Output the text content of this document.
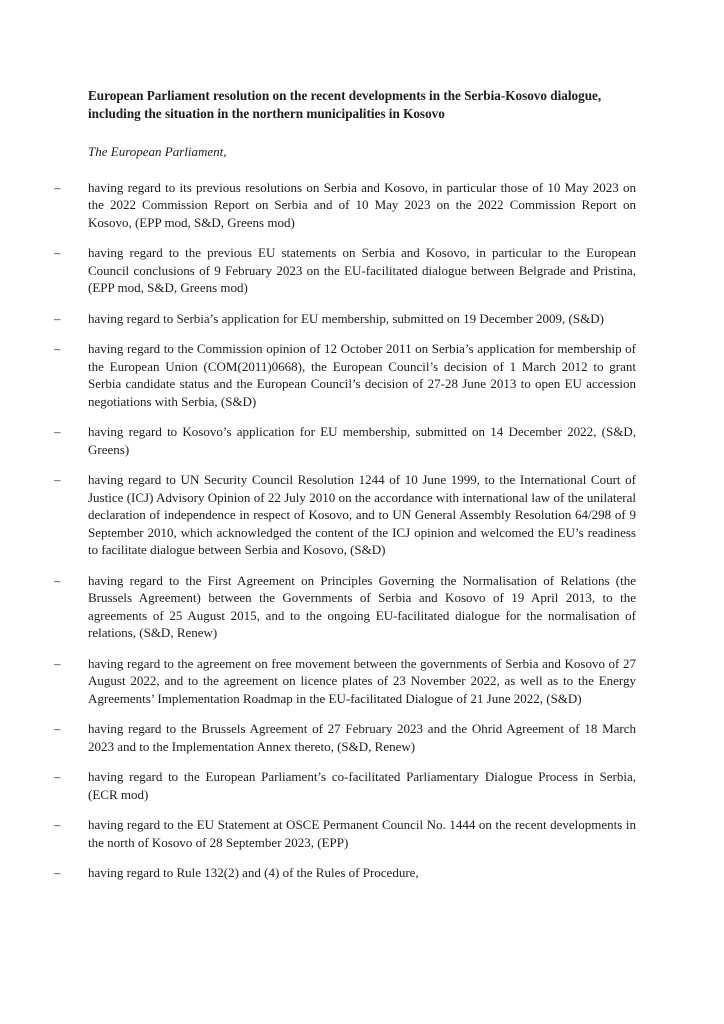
European Parliament resolution on the recent developments in the Serbia-Kosovo dialogue, including the situation in the northern municipalities in Kosovo
The European Parliament,
– having regard to its previous resolutions on Serbia and Kosovo, in particular those of 10 May 2023 on the 2022 Commission Report on Serbia and of 10 May 2023 on the 2022 Commission Report on Kosovo, (EPP mod, S&D, Greens mod)
– having regard to the previous EU statements on Serbia and Kosovo, in particular to the European Council conclusions of 9 February 2023 on the EU-facilitated dialogue between Belgrade and Pristina, (EPP mod, S&D, Greens mod)
– having regard to Serbia’s application for EU membership, submitted on 19 December 2009, (S&D)
– having regard to the Commission opinion of 12 October 2011 on Serbia’s application for membership of the European Union (COM(2011)0668), the European Council’s decision of 1 March 2012 to grant Serbia candidate status and the European Council’s decision of 27-28 June 2013 to open EU accession negotiations with Serbia, (S&D)
– having regard to Kosovo’s application for EU membership, submitted on 14 December 2022, (S&D, Greens)
– having regard to UN Security Council Resolution 1244 of 10 June 1999, to the International Court of Justice (ICJ) Advisory Opinion of 22 July 2010 on the accordance with international law of the unilateral declaration of independence in respect of Kosovo, and to UN General Assembly Resolution 64/298 of 9 September 2010, which acknowledged the content of the ICJ opinion and welcomed the EU’s readiness to facilitate dialogue between Serbia and Kosovo, (S&D)
– having regard to the First Agreement on Principles Governing the Normalisation of Relations (the Brussels Agreement) between the Governments of Serbia and Kosovo of 19 April 2013, to the agreements of 25 August 2015, and to the ongoing EU-facilitated dialogue for the normalisation of relations, (S&D, Renew)
– having regard to the agreement on free movement between the governments of Serbia and Kosovo of 27 August 2022, and to the agreement on licence plates of 23 November 2022, as well as to the Energy Agreements’ Implementation Roadmap in the EU-facilitated Dialogue of 21 June 2022, (S&D)
– having regard to the Brussels Agreement of 27 February 2023 and the Ohrid Agreement of 18 March 2023 and to the Implementation Annex thereto, (S&D, Renew)
– having regard to the European Parliament’s co-facilitated Parliamentary Dialogue Process in Serbia, (ECR mod)
– having regard to the EU Statement at OSCE Permanent Council No. 1444 on the recent developments in the north of Kosovo of 28 September 2023, (EPP)
– having regard to Rule 132(2) and (4) of the Rules of Procedure,
